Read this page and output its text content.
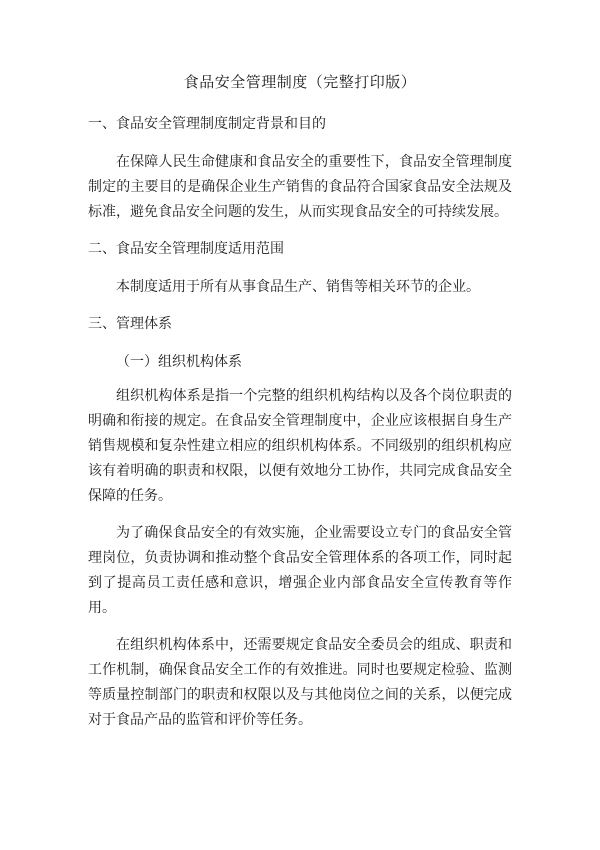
食品安全管理制度（完整打印版）
一、食品安全管理制度制定背景和目的

在保障人民生命健康和食品安全的重要性下，食品安全管理制度制定的主要目的是确保企业生产销售的食品符合国家食品安全法规及标准，避免食品安全问题的发生，从而实现食品安全的可持续发展。

二、食品安全管理制度适用范围

本制度适用于所有从事食品生产、销售等相关环节的企业。

三、管理体系
（一）组织机构体系

组织机构体系是指一个完整的组织机构结构以及各个岗位职责的明确和衔接的规定。在食品安全管理制度中，企业应该根据自身生产销售规模和复杂性建立相应的组织机构体系。不同级别的组织机构应该有着明确的职责和权限，以便有效地分工协作，共同完成食品安全保障的任务。

为了确保食品安全的有效实施，企业需要设立专门的食品安全管理岗位，负责协调和推动整个食品安全管理体系的各项工作，同时起到了提高员工责任感和意识，增强企业内部食品安全宣传教育等作用。

在组织机构体系中，还需要规定食品安全委员会的组成、职责和工作机制，确保食品安全工作的有效推进。同时也要规定检验、监测等质量控制部门的职责和权限以及与其他岗位之间的关系，以便完成对于食品产品的监管和评价等任务。
